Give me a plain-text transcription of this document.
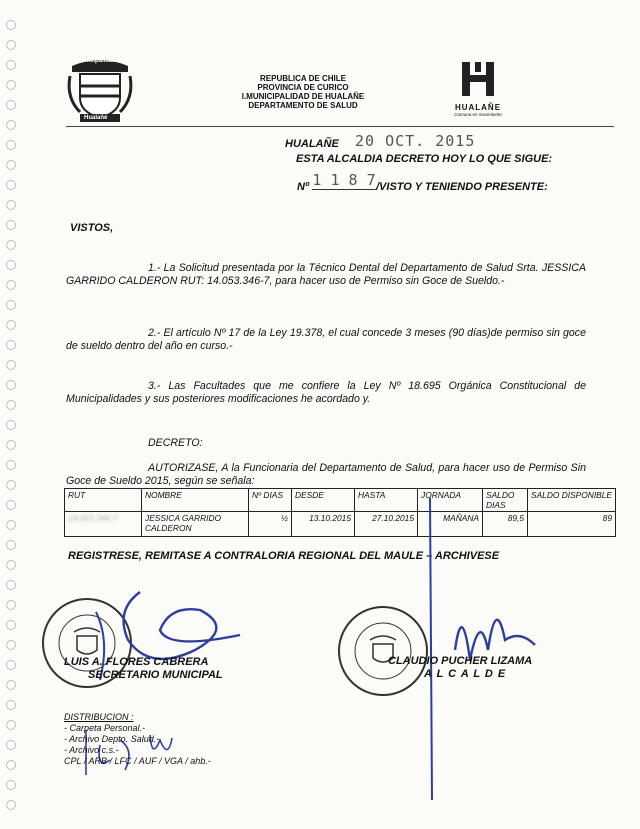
Municipalidad
Hualañé
REPUBLICA DE CHILE
PROVINCIA DE CURICO
I.MUNICIPALIDAD DE HUALAÑE
DEPARTAMENTO DE SALUD	HUALAÑE
Comuna en movimiento
HUALAÑE 20 OCT. 2015
ESTA ALCALDIA DECRETO HOY LO QUE SIGUE:
Nº 1 1 8 7 /VISTO Y TENIENDO PRESENTE:
VISTOS,
1.- La Solicitud presentada por la Técnico Dental del Departamento de Salud Srta. JESSICA GARRIDO CALDERON RUT: 14.053.346-7, para hacer uso de Permiso sin Goce de Sueldo.-
2.- El artículo Nº 17 de la Ley 19.378, el cual concede 3 meses (90 días)de permiso sin goce de sueldo dentro del año en curso.-
3.- Las Facultades que me confiere la Ley Nº 18.695 Orgánica Constitucional de Municipalidades y sus posteriores modificaciones he acordado y.
DECRETO:
AUTORIZASE, A la Funcionaria del Departamento de Salud, para hacer uso de Permiso Sin Goce de Sueldo 2015, según se señala:
RUT	NOMBRE	Nº DIAS	DESDE	HASTA	JORNADA	SALDO DIAS	SALDO DISPONIBLE
14.053.346-7	JESSICA GARRIDO CALDERON	½	13.10.2015	27.10.2015	MAÑANA	89,5	89
REGISTRESE, REMITASE A CONTRALORIA REGIONAL DEL MAULE – ARCHIVESE
LUIS A. FLORES CABRERA
SECRETARIO MUNICIPAL
CLAUDIO PUCHER LIZAMA
A L C A L D E
DISTRIBUCION :
- Carpeta Personal.-
- Archivo Depto. Salud.-
- Archivo c.s.-
CPL / ARB / LFC / AUF / VGA / ahb.-
